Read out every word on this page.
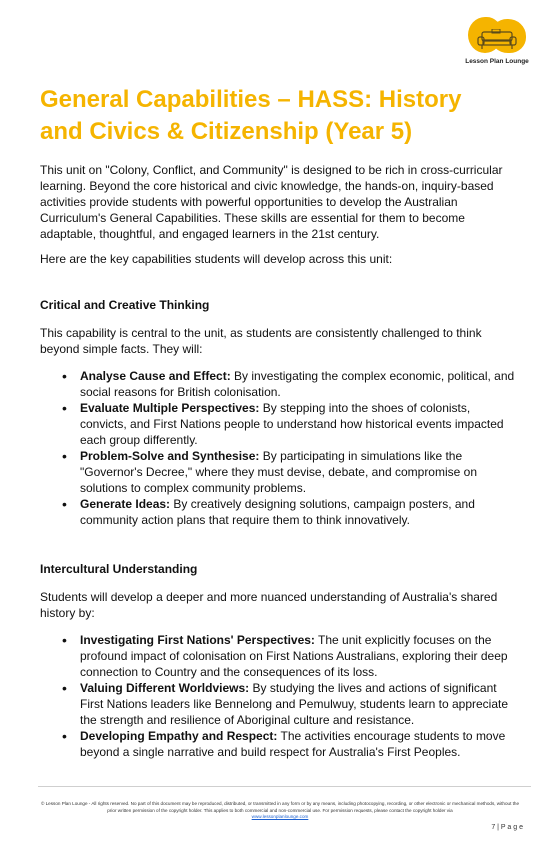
Lesson Plan Lounge
General Capabilities – HASS: History and Civics & Citizenship (Year 5)

This unit on "Colony, Conflict, and Community" is designed to be rich in cross-curricular learning. Beyond the core historical and civic knowledge, the hands-on, inquiry-based activities provide students with powerful opportunities to develop the Australian Curriculum's General Capabilities. These skills are essential for them to become adaptable, thoughtful, and engaged learners in the 21st century.

Here are the key capabilities students will develop across this unit:

Critical and Creative Thinking

This capability is central to the unit, as students are consistently challenged to think beyond simple facts. They will:

• Analyse Cause and Effect: By investigating the complex economic, political, and social reasons for British colonisation.
• Evaluate Multiple Perspectives: By stepping into the shoes of colonists, convicts, and First Nations people to understand how historical events impacted each group differently.
• Problem-Solve and Synthesise: By participating in simulations like the "Governor's Decree," where they must devise, debate, and compromise on solutions to complex community problems.
• Generate Ideas: By creatively designing solutions, campaign posters, and community action plans that require them to think innovatively.
Intercultural Understanding

Students will develop a deeper and more nuanced understanding of Australia's shared history by:

• Investigating First Nations' Perspectives: The unit explicitly focuses on the profound impact of colonisation on First Nations Australians, exploring their deep connection to Country and the consequences of its loss.
• Valuing Different Worldviews: By studying the lives and actions of significant First Nations leaders like Bennelong and Pemulwuy, students learn to appreciate the strength and resilience of Aboriginal culture and resistance.
• Developing Empathy and Respect: The activities encourage students to move beyond a single narrative and build respect for Australia's First Peoples.
© Lesson Plan Lounge - All rights reserved. No part of this document may be reproduced, distributed, or transmitted in any form or by any means, including photocopying, recording, or other electronic or mechanical methods, without the prior written permission of the copyright holder. This applies to both commercial and non-commercial use. For permission requests, please contact the copyright holder via
www.lessonplanlounge.com
7 | P a g e
